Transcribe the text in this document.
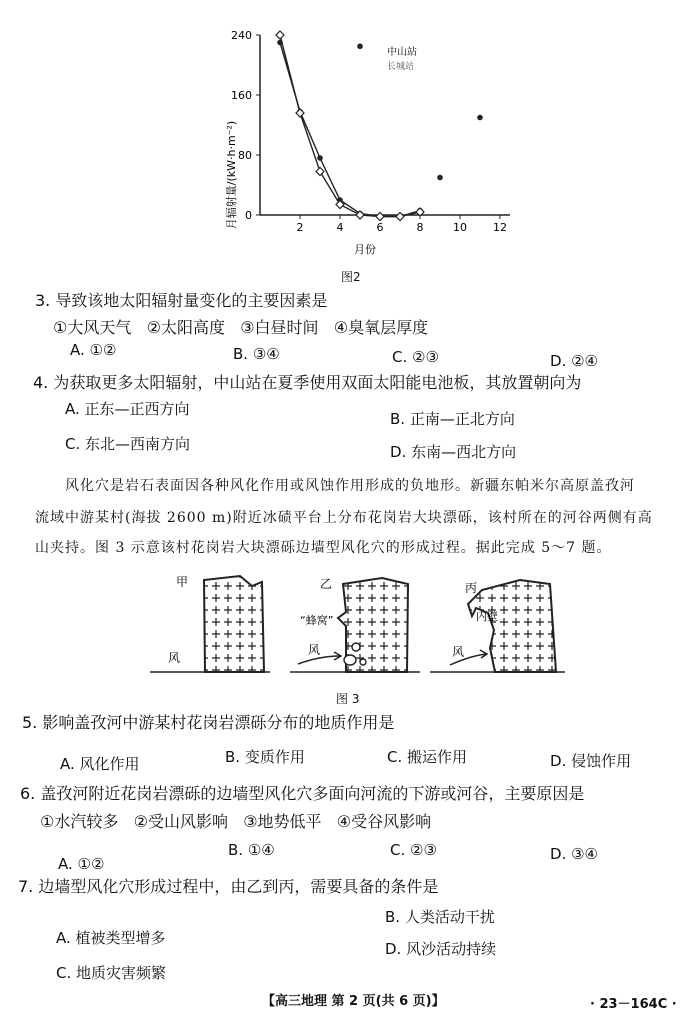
0
80
160
240
2	4	6	8	10 12
月辐射量/(kW·h·m⁻²)
月份
中山站
长城站
图2
3. 导致该地太阳辐射量变化的主要因素是
①大风天气   ②太阳高度   ③白昼时间   ④臭氧层厚度
A. ①②	B. ③④	C. ②③	D. ②④
4. 为获取更多太阳辐射，中山站在夏季使用双面太阳能电池板，其放置朝向为
A. 正东—正西方向
B. 正南—正北方向
C. 东北—西南方向	D. 东南—西北方向
风化穴是岩石表面因各种风化作用或风蚀作用形成的负地形。新疆东帕米尔高原盖孜河
流域中游某村(海拔 2600 m)附近冰碛平台上分布花岗岩大块漂砾，该村所在的河谷两侧有高
山夹持。图 3 示意该村花岗岩大块漂砾边墙型风化穴的形成过程。据此完成 5～7 题。
甲	乙	丙
风
风	风
“蜂窝”	内壁
图 3
5. 影响盖孜河中游某村花岗岩漂砾分布的地质作用是
A. 风化作用	B. 变质作用	C. 搬运作用	D. 侵蚀作用
6. 盖孜河附近花岗岩漂砾的边墙型风化穴多面向河流的下游或河谷，主要原因是
①水汽较多   ②受山风影响   ③地势低平   ④受谷风影响
A. ①②
B. ①④	C. ②③	D. ③④
7. 边墙型风化穴形成过程中，由乙到丙，需要具备的条件是
A. 植被类型增多
B. 人类活动干扰
C. 地质灾害频繁
D. 风沙活动持续
【高三地理 第 2 页(共 6 页)】	· 23－164C ·
